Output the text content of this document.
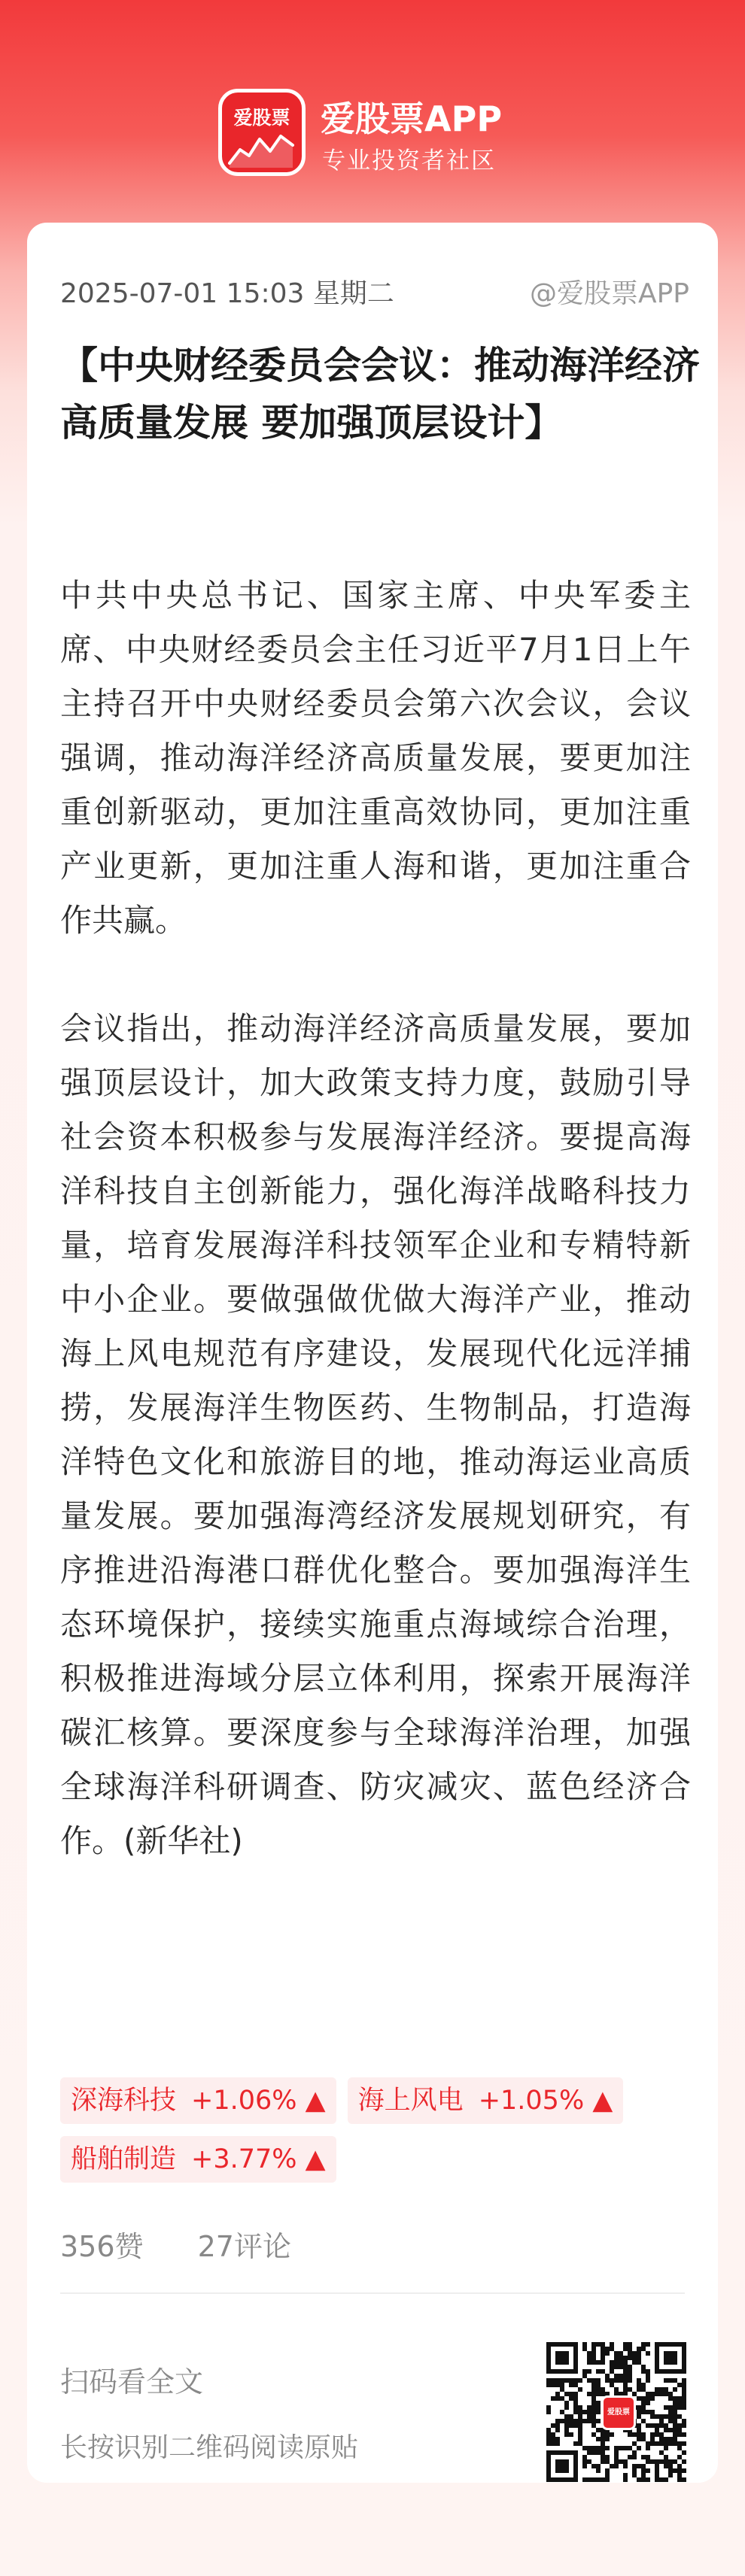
爱股票 爱股票APP
专业投资者社区
2025-07-01 15:03 星期二	@爱股票APP
【中央财经委员会会议：推动海洋经济高质量发展 要加强顶层设计】

中共中央总书记、国家主席、中央军委主席、中央财经委员会主任习近平7月1日上午主持召开中央财经委员会第六次会议，会议强调，推动海洋经济高质量发展，要更加注重创新驱动，更加注重高效协同，更加注重产业更新，更加注重人海和谐，更加注重合作共赢。

会议指出，推动海洋经济高质量发展，要加强顶层设计，加大政策支持力度，鼓励引导社会资本积极参与发展海洋经济。要提高海洋科技自主创新能力，强化海洋战略科技力量，培育发展海洋科技领军企业和专精特新中小企业。要做强做优做大海洋产业，推动海上风电规范有序建设，发展现代化远洋捕捞，发展海洋生物医药、生物制品，打造海洋特色文化和旅游目的地，推动海运业高质量发展。要加强海湾经济发展规划研究，有序推进沿海港口群优化整合。要加强海洋生态环境保护，接续实施重点海域综合治理，积极推进海域分层立体利用，探索开展海洋碳汇核算。要深度参与全球海洋治理，加强全球海洋科研调查、防灾减灾、蓝色经济合作。(新华社)

深海科技 +1.06% ▲ 海上风电 +1.05% ▲
船舶制造 +3.77% ▲
356赞 27评论
扫码看全文
长按识别二维码阅读原贴
爱股票
